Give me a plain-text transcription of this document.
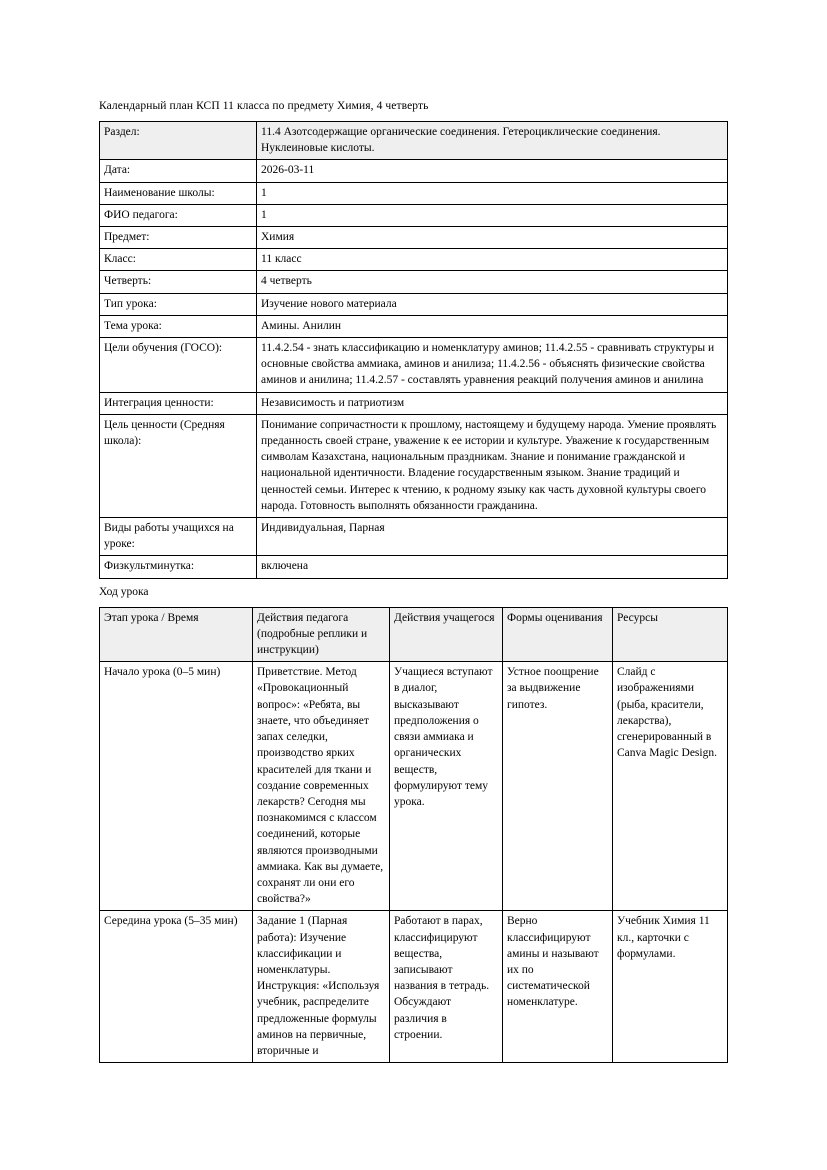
Календарный план КСП 11 класса по предмету Химия, 4 четверть
Раздел:	11.4 Азотсодержащие органические соединения. Гетероциклические соединения. Нуклеиновые кислоты.
Дата:	2026-03-11
Наименование школы:	1
ФИО педагога:	1
Предмет:	Химия
Класс:	11 класс
Четверть:	4 четверть
Тип урока:	Изучение нового материала
Тема урока:	Амины. Анилин
Цели обучения (ГОСО):	11.4.2.54 - знать классификацию и номенклатуру аминов; 11.4.2.55 - сравнивать структуры и основные свойства аммиака, аминов и анилиза; 11.4.2.56 - объяснять физические свойства аминов и анилина; 11.4.2.57 - составлять уравнения реакций получения аминов и анилина
Интеграция ценности:	Независимость и патриотизм
Цель ценности (Средняя школа):	Понимание сопричастности к прошлому, настоящему и будущему народа. Умение проявлять преданность своей стране, уважение к ее истории и культуре. Уважение к государственным символам Казахстана, национальным праздникам. Знание и понимание гражданской и национальной идентичности. Владение государственным языком. Знание традиций и ценностей семьи. Интерес к чтению, к родному языку как часть духовной культуры своего народа. Готовность выполнять обязанности гражданина.
Виды работы учащихся на уроке:	Индивидуальная, Парная
Физкультминутка:	включена
Ход урока
Этап урока / Время	Действия педагога (подробные реплики и инструкции)	Действия учащегося	Формы оценивания	Ресурсы
Начало урока (0–5 мин)	Приветствие. Метод «Провокационный вопрос»: «Ребята, вы знаете, что объединяет запах селедки, производство ярких красителей для ткани и создание современных лекарств? Сегодня мы познакомимся с классом соединений, которые являются производными аммиака. Как вы думаете, сохранят ли они его свойства?»	Учащиеся вступают в диалог, высказывают предположения о связи аммиака и органических веществ, формулируют тему урока.	Устное поощрение за выдвижение гипотез.	Слайд с изображениями (рыба, красители, лекарства), сгенерированный в Canva Magic Design.
Середина урока (5–35 мин)	Задание 1 (Парная работа): Изучение классификации и номенклатуры. Инструкция: «Используя учебник, распределите предложенные формулы аминов на первичные, вторичные и	Работают в парах, классифицируют вещества, записывают названия в тетрадь. Обсуждают различия в строении.	Верно классифицируют амины и называют их по систематической номенклатуре.	Учебник Химия 11 кл., карточки с формулами.
